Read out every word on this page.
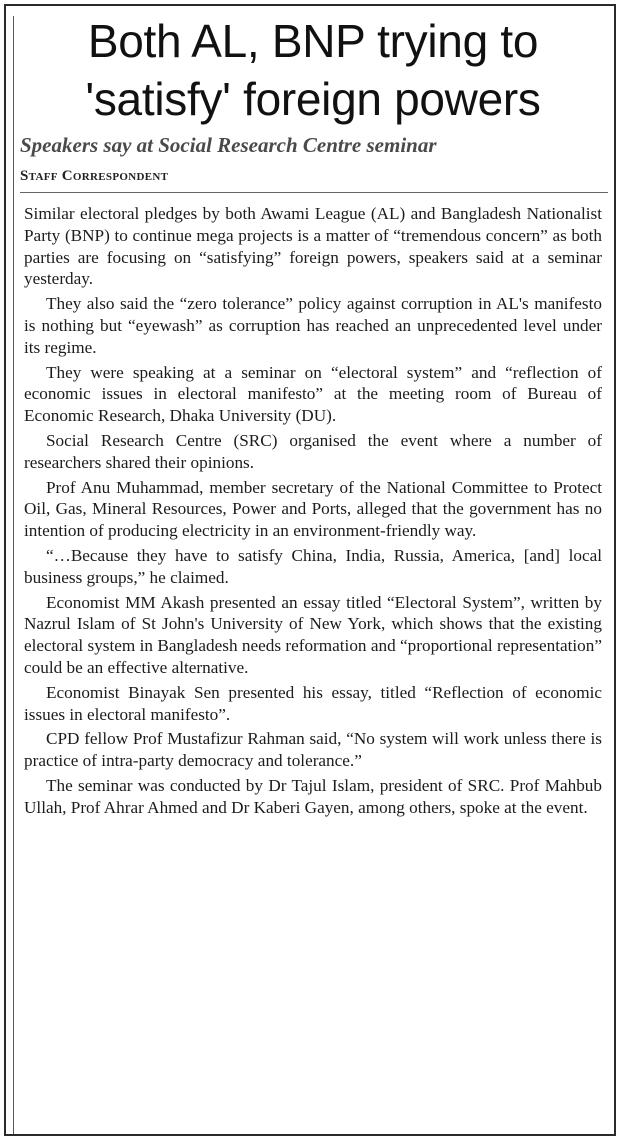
Both AL, BNP trying to 'satisfy' foreign powers
Speakers say at Social Research Centre seminar
Staff Correspondent

Similar electoral pledges by both Awami League (AL) and Bangladesh Nationalist Party (BNP) to continue mega projects is a matter of “tremendous concern” as both parties are focusing on “satisfying” foreign powers, speakers said at a seminar yesterday.

They also said the “zero tolerance” policy against corruption in AL's manifesto is nothing but “eyewash” as corruption has reached an unprecedented level under its regime.

They were speaking at a seminar on “electoral system” and “reflection of economic issues in electoral manifesto” at the meeting room of Bureau of Economic Research, Dhaka University (DU).

Social Research Centre (SRC) organised the event where a number of researchers shared their opinions.

Prof Anu Muhammad, member secretary of the National Committee to Protect Oil, Gas, Mineral Resources, Power and Ports, alleged that the government has no intention of producing electricity in an environment-friendly way.

“…Because they have to satisfy China, India, Russia, America, [and] local business groups,” he claimed.

Economist MM Akash presented an essay titled “Electoral System”, written by Nazrul Islam of St John's University of New York, which shows that the existing electoral system in Bangladesh needs reformation and “proportional representation” could be an effective alternative.

Economist Binayak Sen presented his essay, titled “Reflection of economic issues in electoral manifesto”.

CPD fellow Prof Mustafizur Rahman said, “No system will work unless there is practice of intra-party democracy and tolerance.”

The seminar was conducted by Dr Tajul Islam, president of SRC. Prof Mahbub Ullah, Prof Ahrar Ahmed and Dr Kaberi Gayen, among others, spoke at the event.
